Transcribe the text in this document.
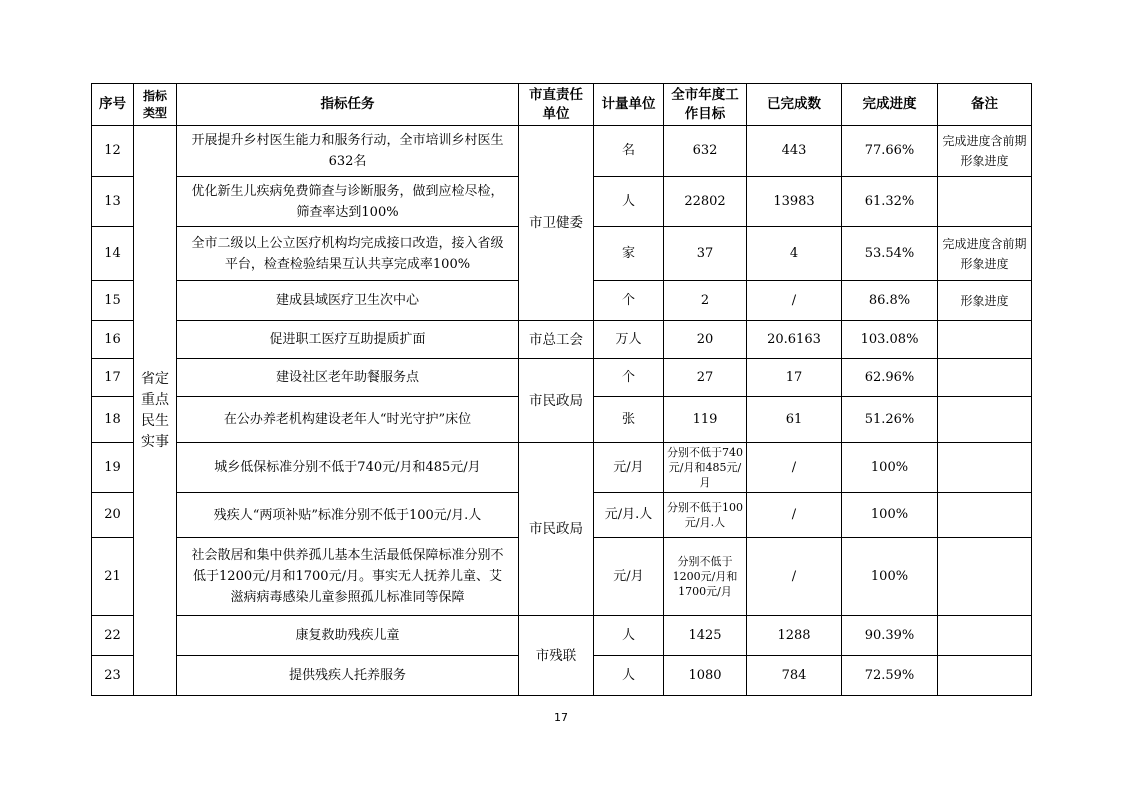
序号	指标类型	指标任务	市直责任单位	计量单位	全市年度工作目标	已完成数	完成进度	备注
12	省定重点民生实事	开展提升乡村医生能力和服务行动，全市培训乡村医生632名	市卫健委	名	632	443	77.66%	完成进度含前期形象进度
13		优化新生儿疾病免费筛查与诊断服务，做到应检尽检，筛查率达到100%		人	22802	13983	61.32%	
14		全市二级以上公立医疗机构均完成接口改造，接入省级平台，检查检验结果互认共享完成率100%		家	37	4	53.54%	完成进度含前期形象进度
15		建成县域医疗卫生次中心		个	2	/	86.8%	形象进度
16		促进职工医疗互助提质扩面	市总工会	万人	20	20.6163	103.08%	
17		建设社区老年助餐服务点	市民政局	个	27	17	62.96%	
18		在公办养老机构建设老年人“时光守护”床位		张	119	61	51.26%	
19		城乡低保标准分别不低于740元/月和485元/月	市民政局	元/月	分别不低于740元/月和485元/月	/	100%	
20		残疾人“两项补贴”标准分别不低于100元/月.人		元/月.人	分别不低于100元/月.人	/	100%	
21		社会散居和集中供养孤儿基本生活最低保障标准分别不低于1200元/月和1700元/月。事实无人抚养儿童、艾滋病病毒感染儿童参照孤儿标准同等保障		元/月	分别不低于1200元/月和1700元/月	/	100%	
22		康复救助残疾儿童	市残联	人	1425	1288	90.39%	
23		提供残疾人托养服务		人	1080	784	72.59%	
17
